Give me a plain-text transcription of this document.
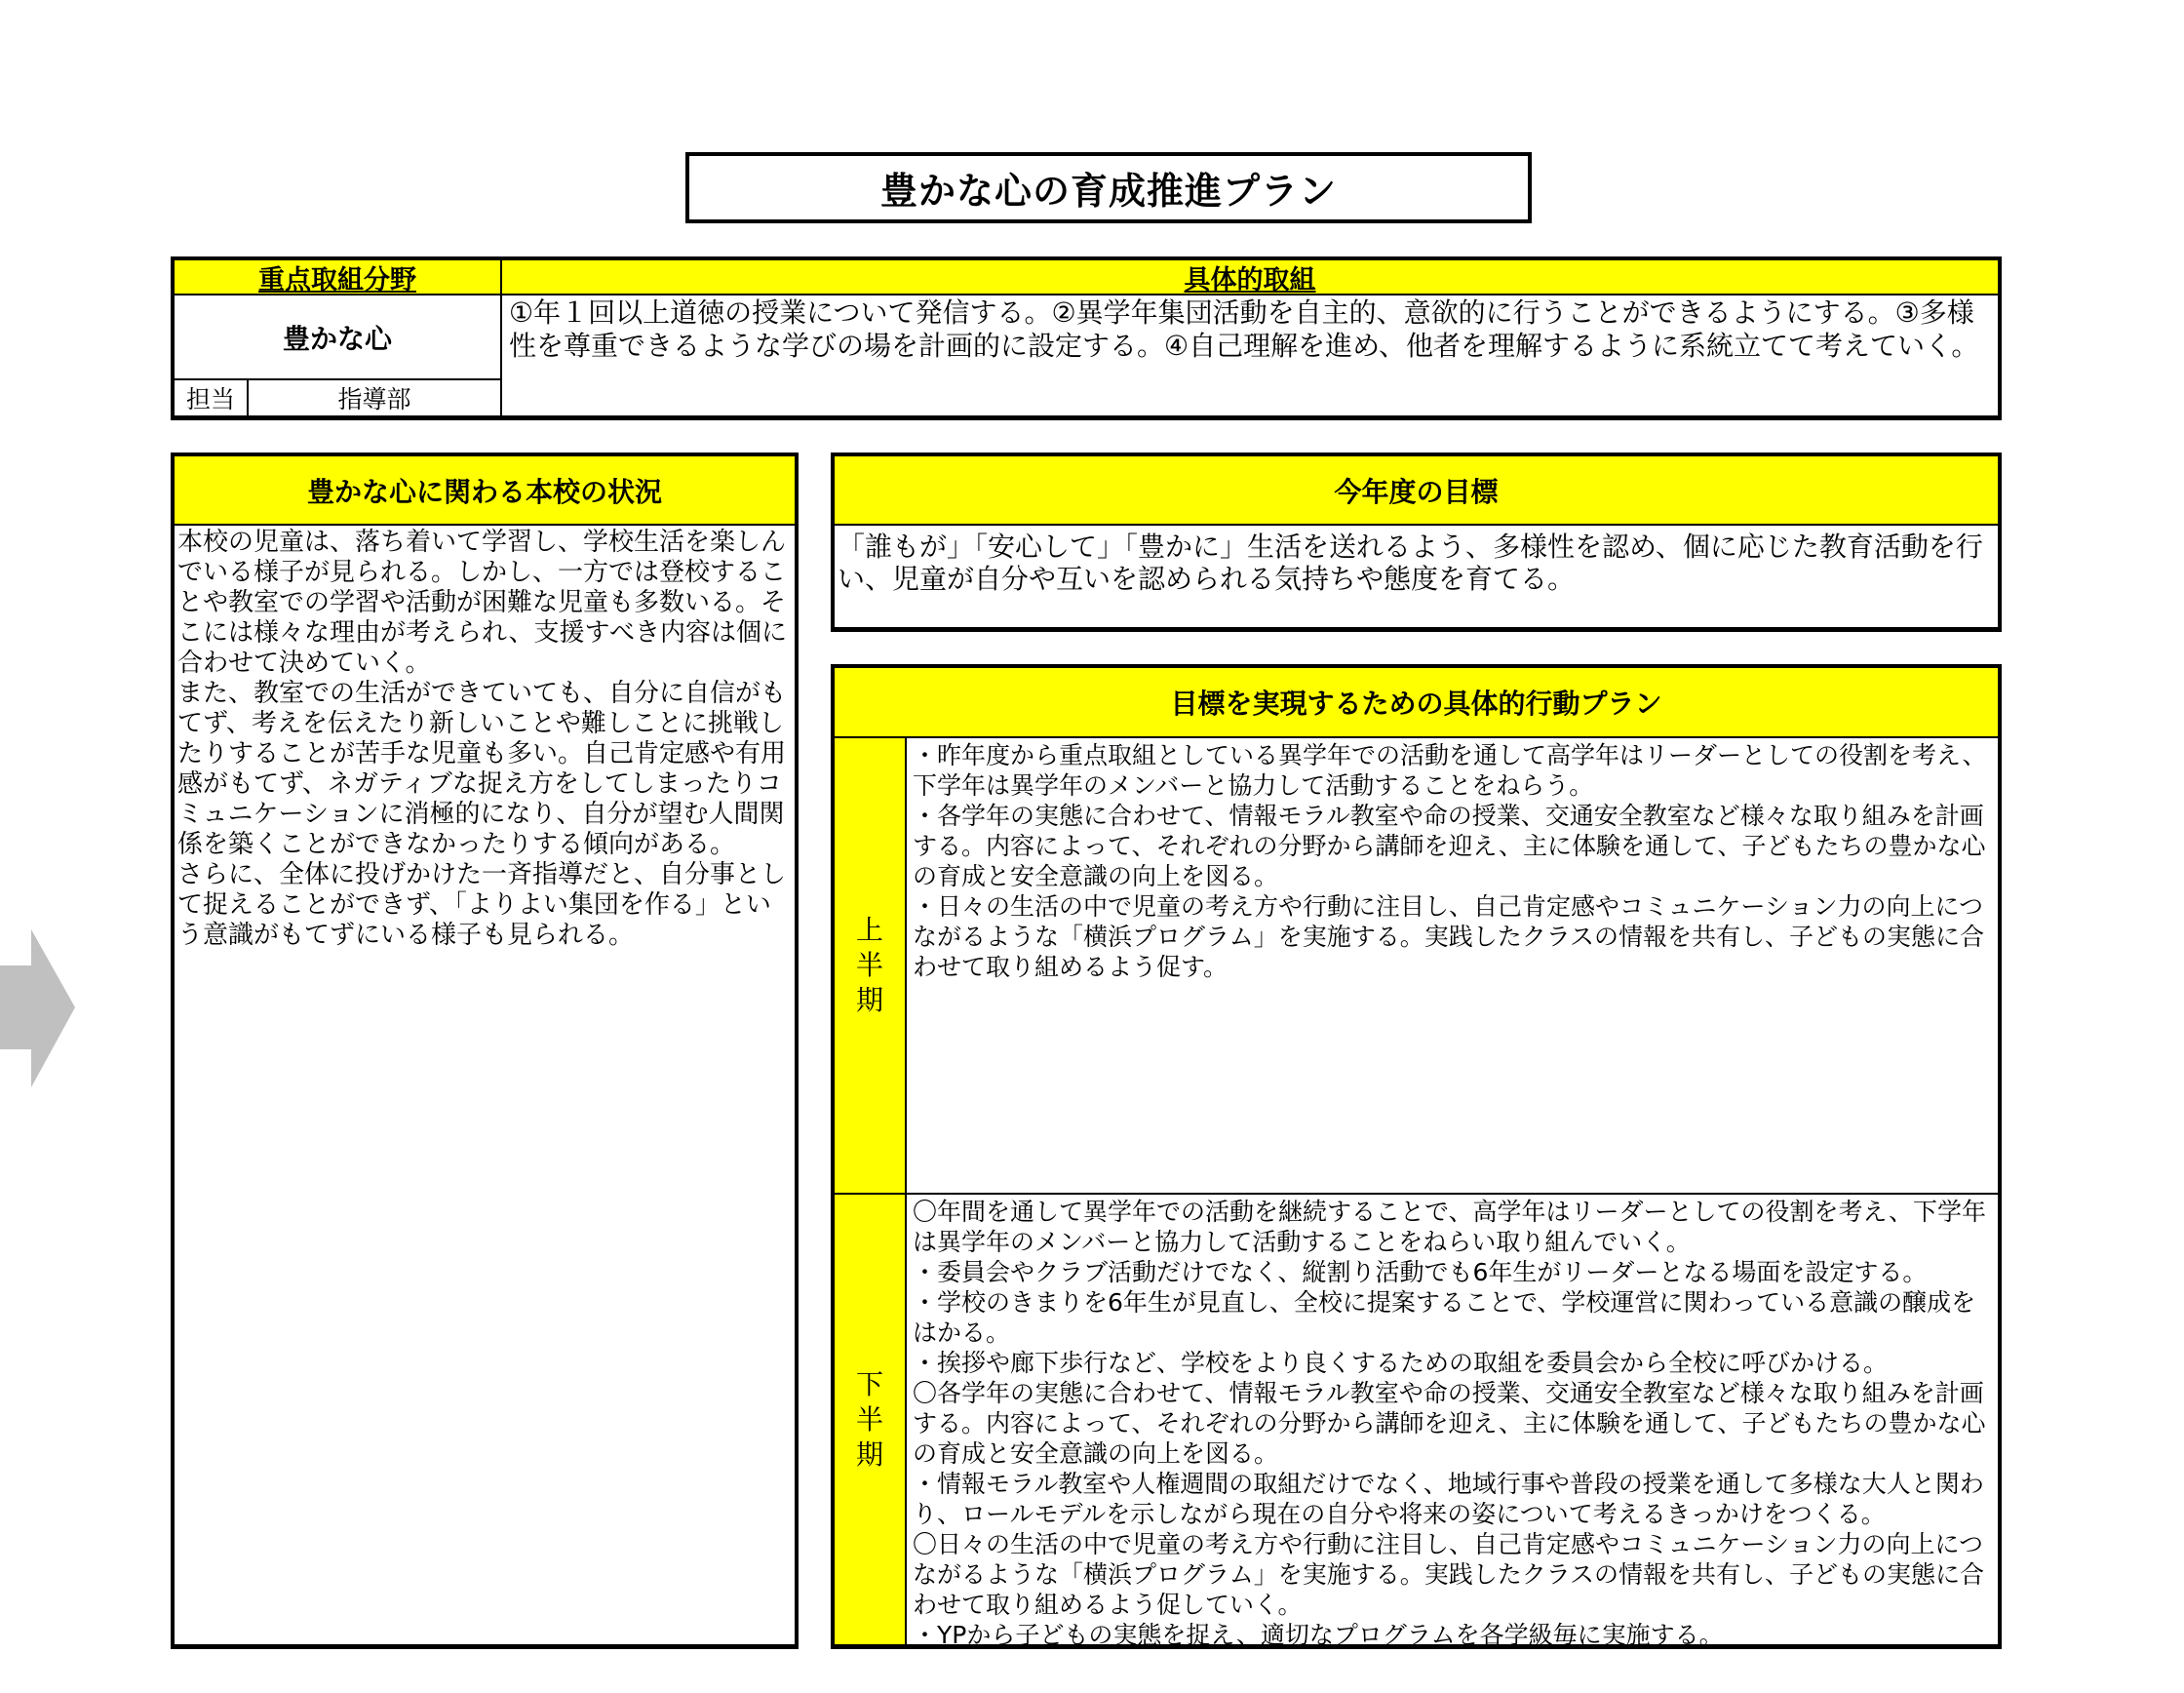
豊かな心の育成推進プラン
重点取組分野	具体的取組
豊かな心
担当	指導部
①年１回以上道徳の授業について発信する。②異学年集団活動を自主的、意欲的に行うことができるようにする。③多様性を尊重できるような学びの場を計画的に設定する。④自己理解を進め、他者を理解するように系統立てて考えていく。
豊かな心に関わる本校の状況

本校の児童は、落ち着いて学習し、学校生活を楽しんでいる様子が見られる。しかし、一方では登校することや教室での学習や活動が困難な児童も多数いる。そこには様々な理由が考えられ、支援すべき内容は個に合わせて決めていく。

また、教室での生活ができていても、自分に自信がもてず、考えを伝えたり新しいことや難しことに挑戦したりすることが苦手な児童も多い。自己肯定感や有用感がもてず、ネガティブな捉え方をしてしまったりコミュニケーションに消極的になり、自分が望む人間関係を築くことができなかったりする傾向がある。

さらに、全体に投げかけた一斉指導だと、自分事として捉えることができず、「よりよい集団を作る」という意識がもてずにいる様子も見られる。

今年度の目標
「誰もが」「安心して」「豊かに」生活を送れるよう、多様性を認め、個に応じた教育活動を行い、児童が自分や互いを認められる気持ちや態度を育てる。
目標を実現するための具体的行動プラン
上
半
期

・昨年度から重点取組としている異学年での活動を通して高学年はリーダーとしての役割を考え、下学年は異学年のメンバーと協力して活動することをねらう。

・各学年の実態に合わせて、情報モラル教室や命の授業、交通安全教室など様々な取り組みを計画する。内容によって、それぞれの分野から講師を迎え、主に体験を通して、子どもたちの豊かな心の育成と安全意識の向上を図る。

・日々の生活の中で児童の考え方や行動に注目し、自己肯定感やコミュニケーション力の向上につながるような「横浜プログラム」を実施する。実践したクラスの情報を共有し、子どもの実態に合わせて取り組めるよう促す。

下
半
期

〇年間を通して異学年での活動を継続することで、高学年はリーダーとしての役割を考え、下学年は異学年のメンバーと協力して活動することをねらい取り組んでいく。

・委員会やクラブ活動だけでなく、縦割り活動でも6年生がリーダーとなる場面を設定する。

・学校のきまりを6年生が見直し、全校に提案することで、学校運営に関わっている意識の醸成をはかる。

・挨拶や廊下歩行など、学校をより良くするための取組を委員会から全校に呼びかける。

〇各学年の実態に合わせて、情報モラル教室や命の授業、交通安全教室など様々な取り組みを計画する。内容によって、それぞれの分野から講師を迎え、主に体験を通して、子どもたちの豊かな心の育成と安全意識の向上を図る。

・情報モラル教室や人権週間の取組だけでなく、地域行事や普段の授業を通して多様な大人と関わり、ロールモデルを示しながら現在の自分や将来の姿について考えるきっかけをつくる。

〇日々の生活の中で児童の考え方や行動に注目し、自己肯定感やコミュニケーション力の向上につながるような「横浜プログラム」を実施する。実践したクラスの情報を共有し、子どもの実態に合わせて取り組めるよう促していく。

・YPから子どもの実態を捉え、適切なプログラムを各学級毎に実施する。
